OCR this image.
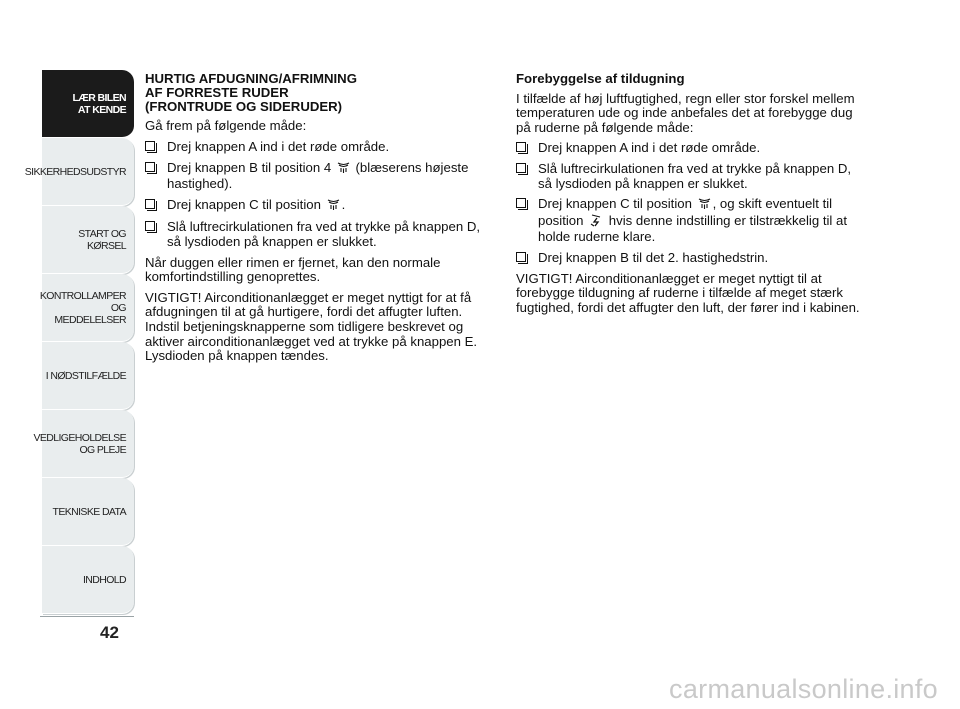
LÆR BILEN
AT KENDE
SIKKERHEDSUDSTYR
START OG KØRSEL
KONTROLLAMPER
OG MEDDELELSER
I NØDSTILFÆLDE
VEDLIGEHOLDELSE
OG PLEJE
TEKNISKE DATA
INDHOLD
42
HURTIG AFDUGNING/AFRIMNING
AF FORRESTE RUDER
(FRONTRUDE OG SIDERUDER)

Gå frem på følgende måde:

Drej knappen A ind i det røde område.
Drej knappen B til position 4  (blæserens højeste hastighed).
Drej knappen C til position .
Slå luftrecirkulationen fra ved at trykke på knappen D, så lysdioden på knappen er slukket.

Når duggen eller rimen er fjernet, kan den normale komfortindstilling genoprettes.

VIGTIGT! Airconditionanlægget er meget nyttigt for at få afdugningen til at gå hurtigere, fordi det affugter luften. Indstil betjeningsknapperne som tidligere beskrevet og aktiver airconditionanlægget ved at trykke på knappen E. Lysdioden på knappen tændes.

Forebyggelse af tildugning

I tilfælde af høj luftfugtighed, regn eller stor forskel mellem temperaturen ude og inde anbefales det at forebygge dug på ruderne på følgende måde:

Drej knappen A ind i det røde område.
Slå luftrecirkulationen fra ved at trykke på knappen D, så lysdioden på knappen er slukket.
Drej knappen C til position , og skift eventuelt til position  hvis denne indstilling er tilstrækkelig til at holde ruderne klare.
Drej knappen B til det 2. hastighedstrin.

VIGTIGT! Airconditionanlægget er meget nyttigt til at forebygge tildugning af ruderne i tilfælde af meget stærk fugtighed, fordi det affugter den luft, der fører ind i kabinen.

carmanualsonline.info
